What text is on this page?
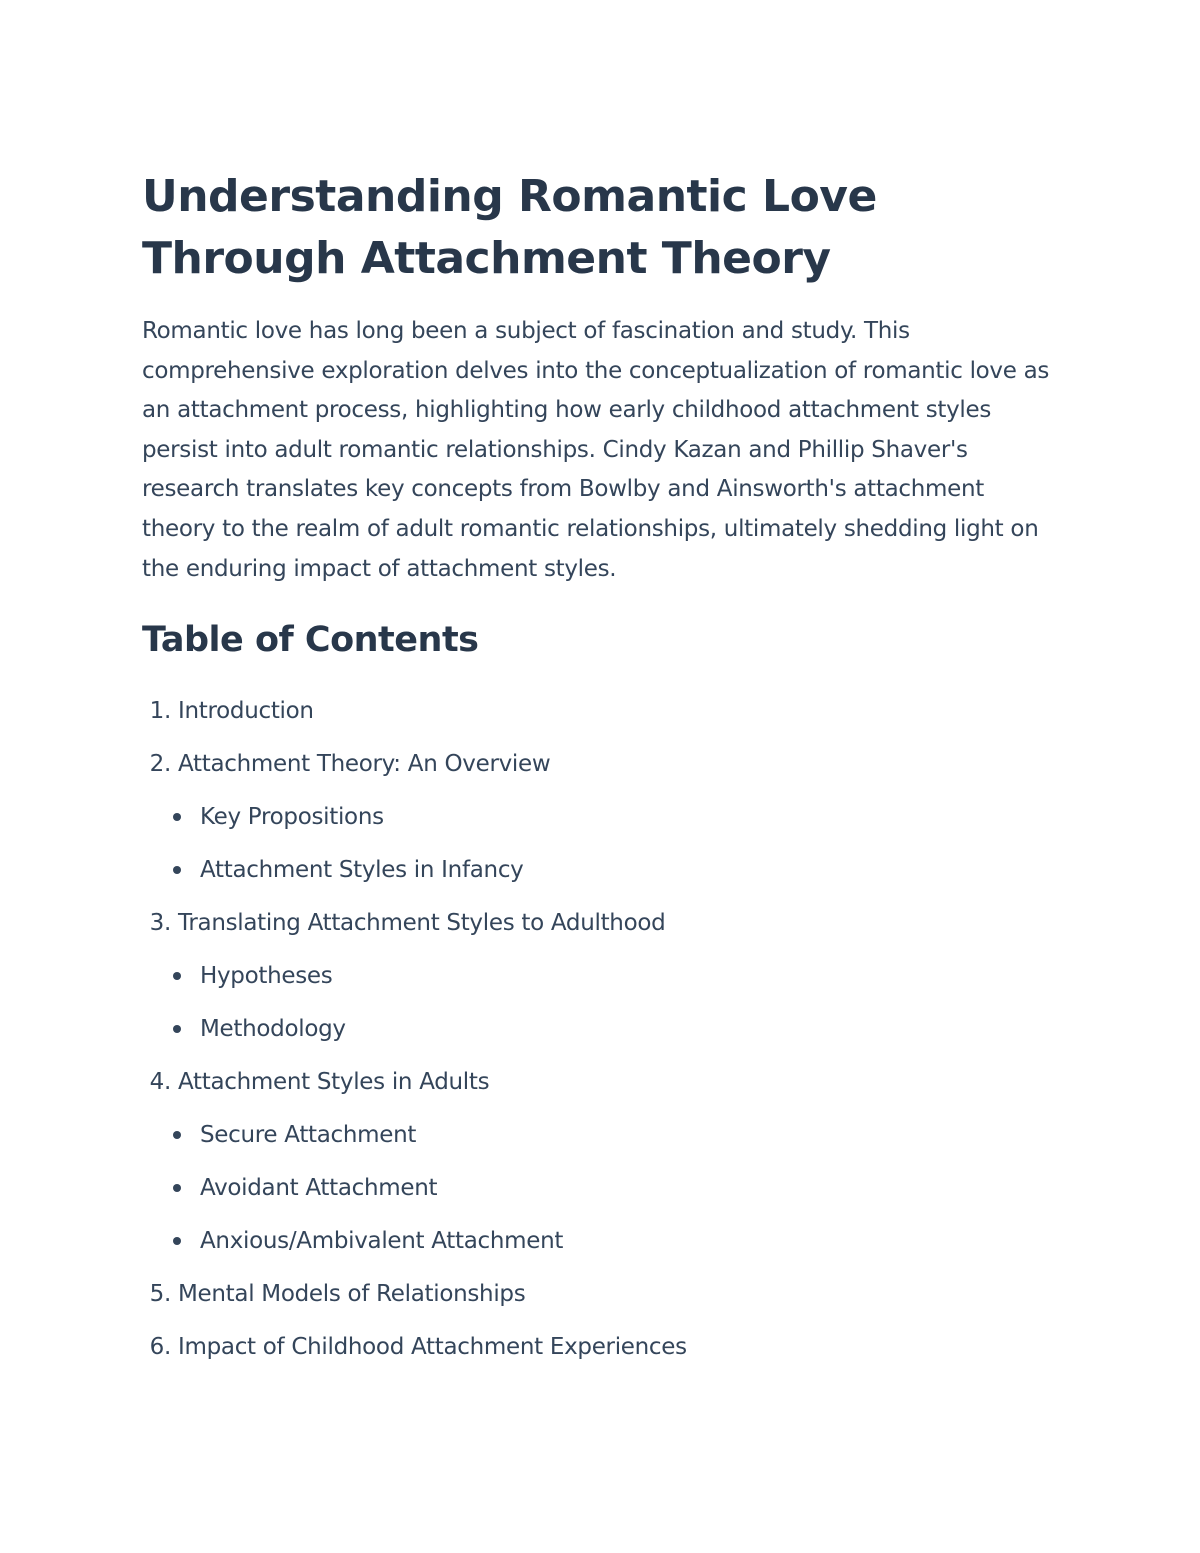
Understanding Romantic Love Through Attachment Theory

Romantic love has long been a subject of fascination and study. This comprehensive exploration delves into the conceptualization of romantic love as an attachment process, highlighting how early childhood attachment styles persist into adult romantic relationships. Cindy Kazan and Phillip Shaver's research translates key concepts from Bowlby and Ainsworth's attachment theory to the realm of adult romantic relationships, ultimately shedding light on the enduring impact of attachment styles.

Table of Contents
1. Introduction
2. Attachment Theory: An Overview
Key Propositions
Attachment Styles in Infancy
3. Translating Attachment Styles to Adulthood
Hypotheses
Methodology
4. Attachment Styles in Adults
Secure Attachment
Avoidant Attachment
Anxious/Ambivalent Attachment
5. Mental Models of Relationships
6. Impact of Childhood Attachment Experiences
